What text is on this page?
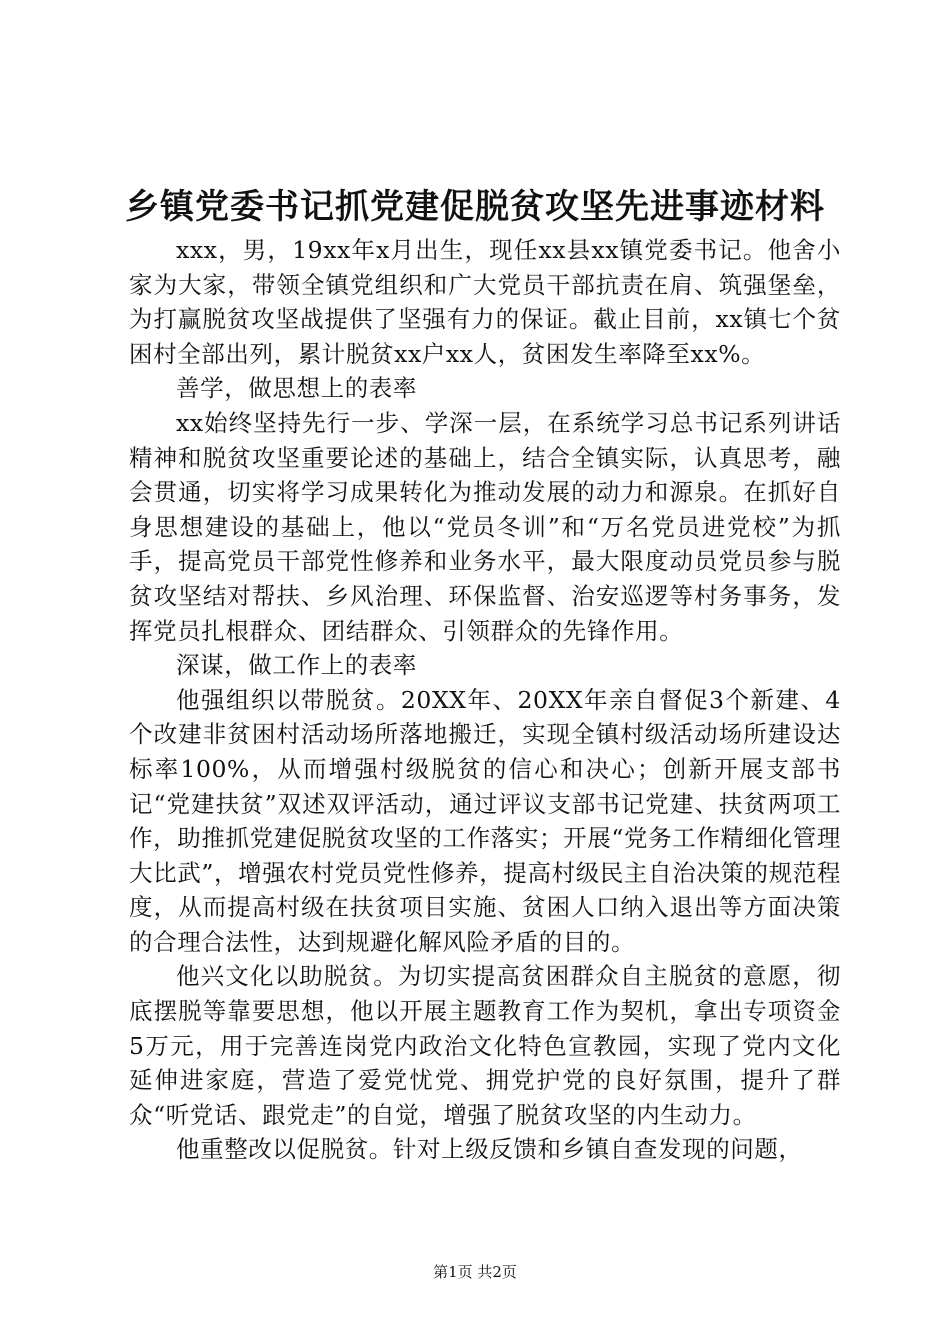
乡镇党委书记抓党建促脱贫攻坚先进事迹材料

xxx，男，19xx年x月出生，现任xx县xx镇党委书记。他舍小家为大家，带领全镇党组织和广大党员干部抗责在肩、筑强堡垒，为打赢脱贫攻坚战提供了坚强有力的保证。截止目前，xx镇七个贫困村全部出列，累计脱贫xx户xx人，贫困发生率降至xx%。

善学，做思想上的表率

xx始终坚持先行一步、学深一层，在系统学习总书记系列讲话精神和脱贫攻坚重要论述的基础上，结合全镇实际，认真思考，融会贯通，切实将学习成果转化为推动发展的动力和源泉。在抓好自身思想建设的基础上，他以“党员冬训”和“万名党员进党校”为抓手，提高党员干部党性修养和业务水平，最大限度动员党员参与脱贫攻坚结对帮扶、乡风治理、环保监督、治安巡逻等村务事务，发挥党员扎根群众、团结群众、引领群众的先锋作用。

深谋，做工作上的表率

他强组织以带脱贫。20XX年、20XX年亲自督促3个新建、4个改建非贫困村活动场所落地搬迁，实现全镇村级活动场所建设达标率100%，从而增强村级脱贫的信心和决心；创新开展支部书记“党建扶贫”双述双评活动，通过评议支部书记党建、扶贫两项工作，助推抓党建促脱贫攻坚的工作落实；开展“党务工作精细化管理大比武”，增强农村党员党性修养，提高村级民主自治决策的规范程度，从而提高村级在扶贫项目实施、贫困人口纳入退出等方面决策的合理合法性，达到规避化解风险矛盾的目的。

他兴文化以助脱贫。为切实提高贫困群众自主脱贫的意愿，彻底摆脱等靠要思想，他以开展主题教育工作为契机，拿出专项资金5万元，用于完善连岗党内政治文化特色宣教园，实现了党内文化延伸进家庭，营造了爱党忧党、拥党护党的良好氛围，提升了群众“听党话、跟党走”的自觉，增强了脱贫攻坚的内生动力。

他重整改以促脱贫。针对上级反馈和乡镇自查发现的问题，

第1页 共2页
